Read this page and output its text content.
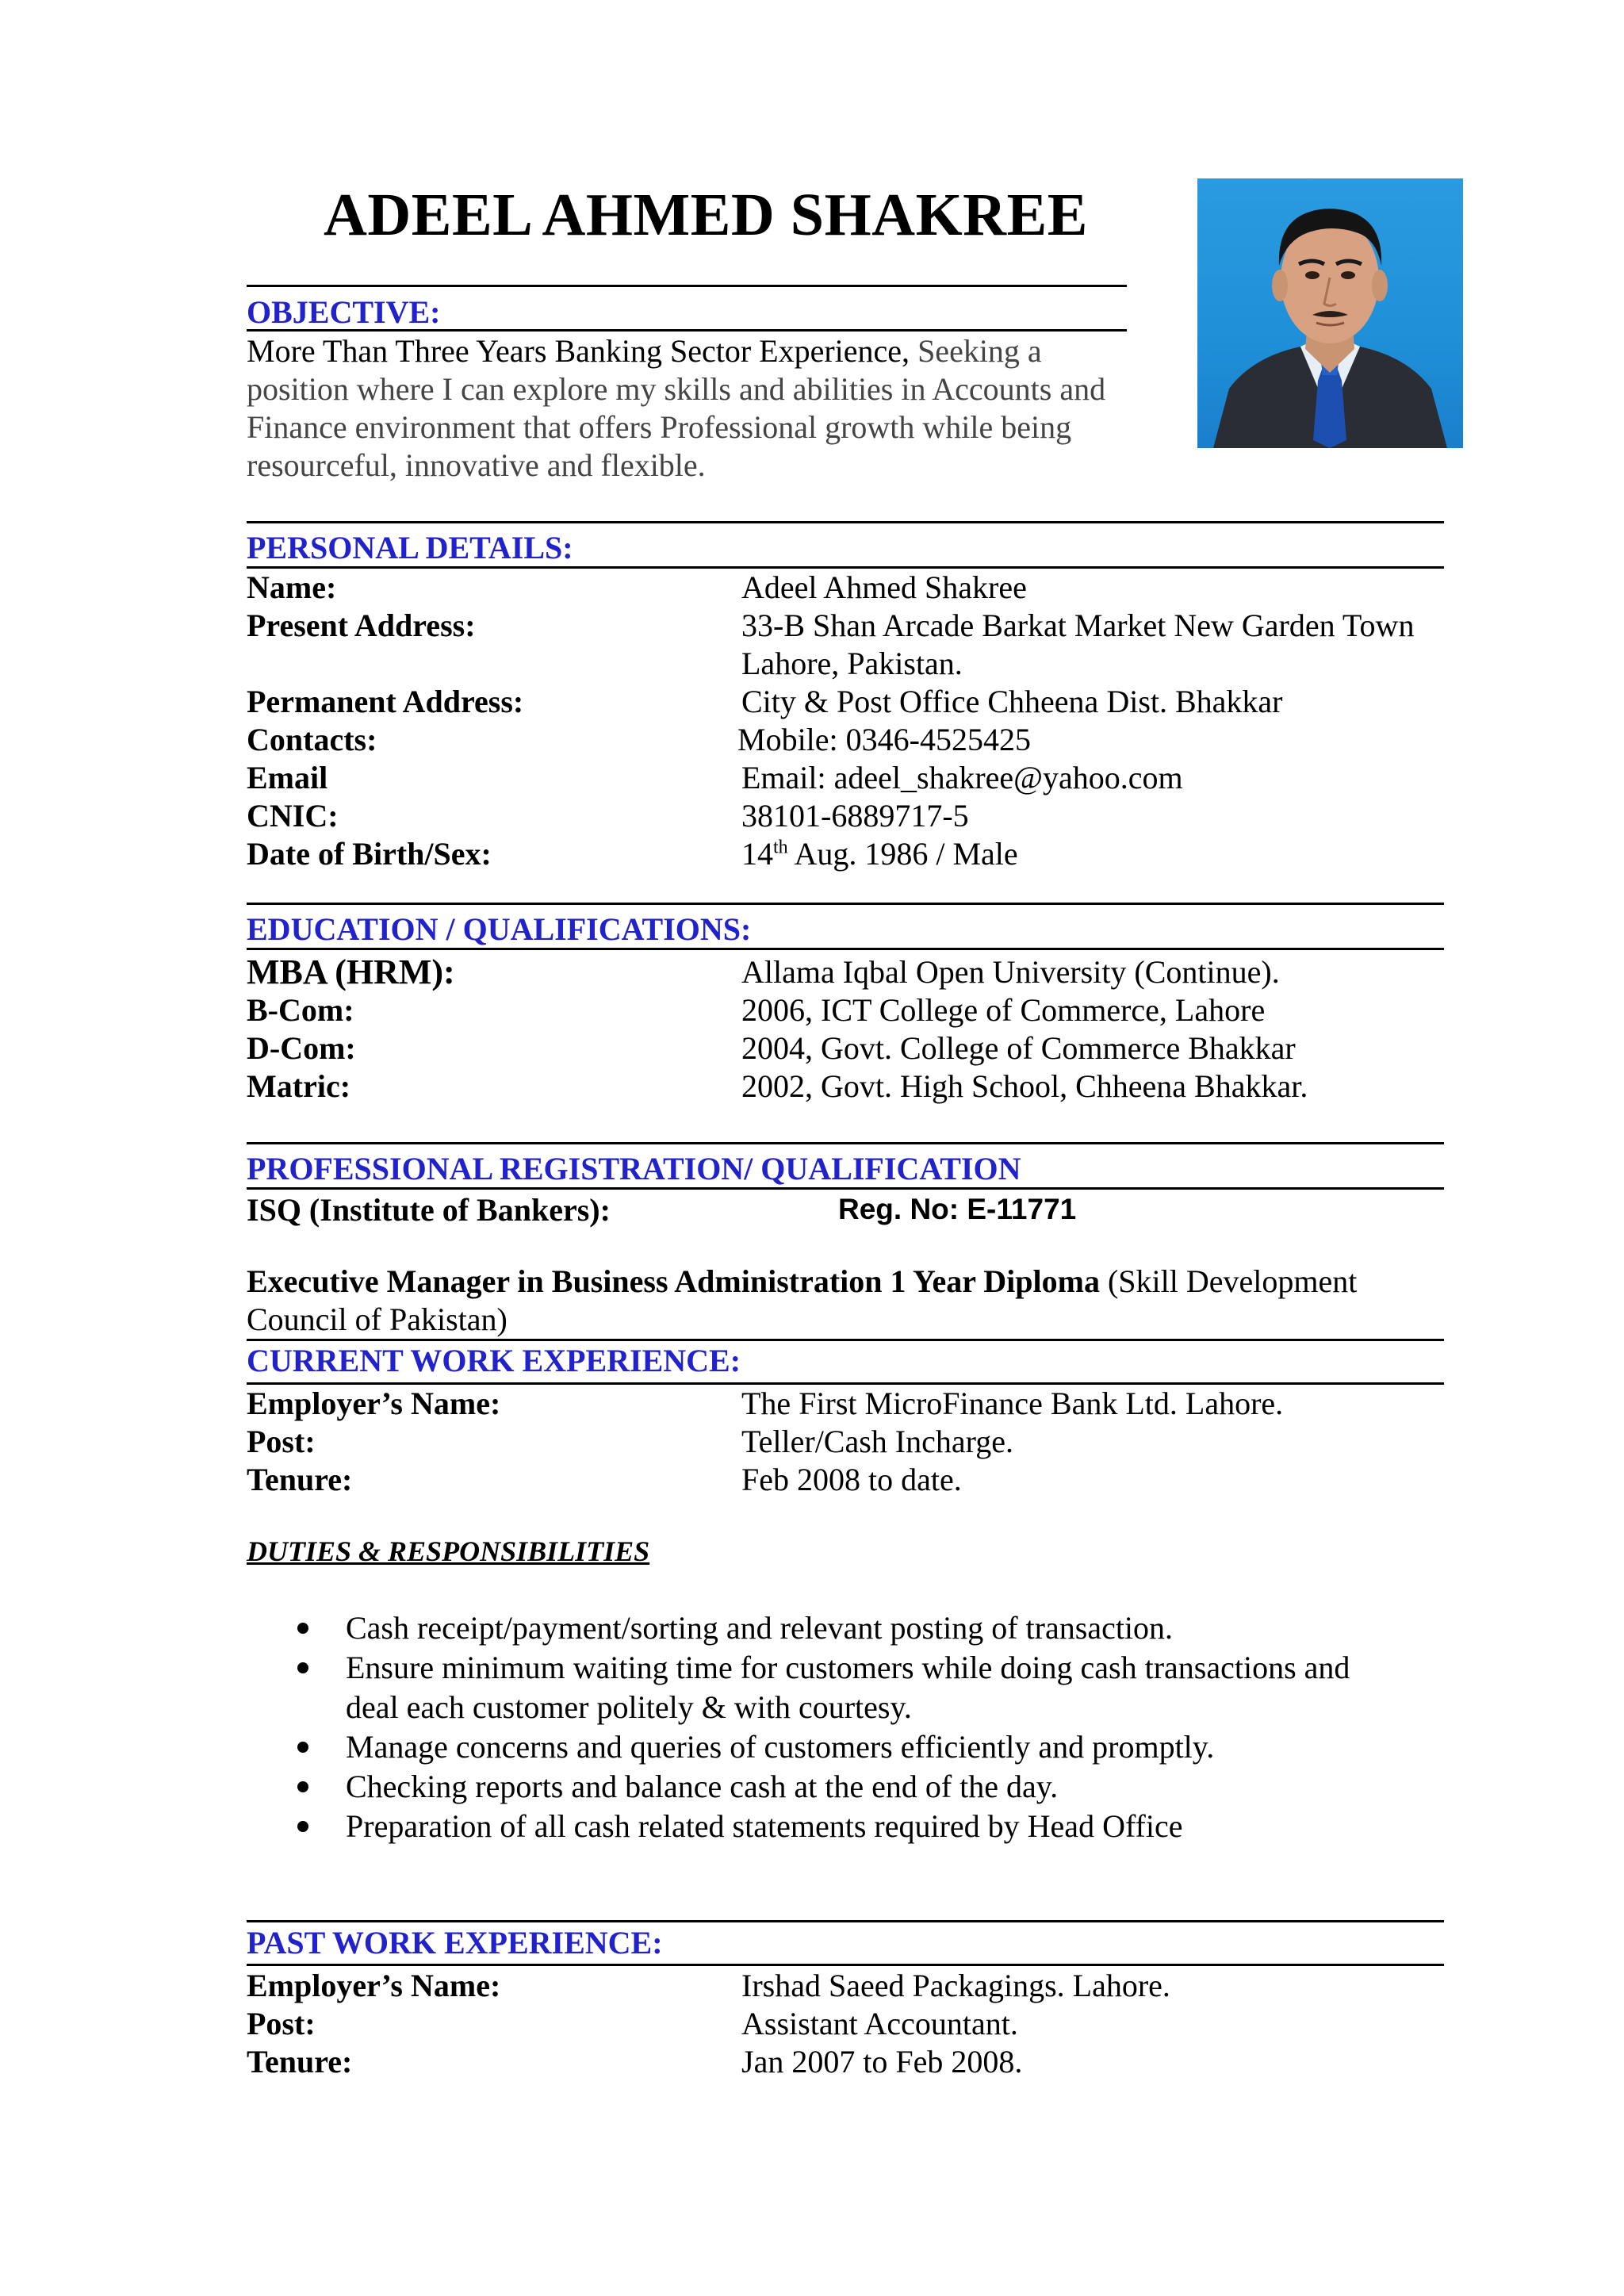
ADEEL AHMED SHAKREE
OBJECTIVE:
More Than Three Years Banking Sector Experience, Seeking a
position where I can explore my skills and abilities in Accounts and
Finance environment that offers Professional growth while being
resourceful, innovative and flexible.
PERSONAL DETAILS:
Name:	Adeel Ahmed Shakree
Present Address:	33-B Shan Arcade Barkat Market New Garden Town
Lahore, Pakistan.
Permanent Address:	City & Post Office Chheena Dist. Bhakkar
Contacts:	Mobile: 0346-4525425
Email	Email: adeel_shakree@yahoo.com
CNIC:	38101-6889717-5
Date of Birth/Sex:	14th Aug. 1986 / Male
EDUCATION / QUALIFICATIONS:
MBA (HRM):	Allama Iqbal Open University (Continue).
B-Com:	2006, ICT College of Commerce, Lahore
D-Com:	2004, Govt. College of Commerce Bhakkar
Matric:	2002, Govt. High School, Chheena Bhakkar.
PROFESSIONAL REGISTRATION/ QUALIFICATION
ISQ (Institute of Bankers):	Reg. No: E-11771
Executive Manager in Business Administration 1 Year Diploma (Skill Development
Council of Pakistan)
CURRENT WORK EXPERIENCE:
Employer’s Name:	The First MicroFinance Bank Ltd. Lahore.
Post:	Teller/Cash Incharge.
Tenure:	Feb 2008 to date.
DUTIES & RESPONSIBILITIES
Cash receipt/payment/sorting and relevant posting of transaction.
Ensure minimum waiting time for customers while doing cash transactions and
deal each customer politely & with courtesy.
Manage concerns and queries of customers efficiently and promptly.
Checking reports and balance cash at the end of the day.
Preparation of all cash related statements required by Head Office
PAST WORK EXPERIENCE:
Employer’s Name:	Irshad Saeed Packagings. Lahore.
Post:	Assistant Accountant.
Tenure:	Jan 2007 to Feb 2008.
